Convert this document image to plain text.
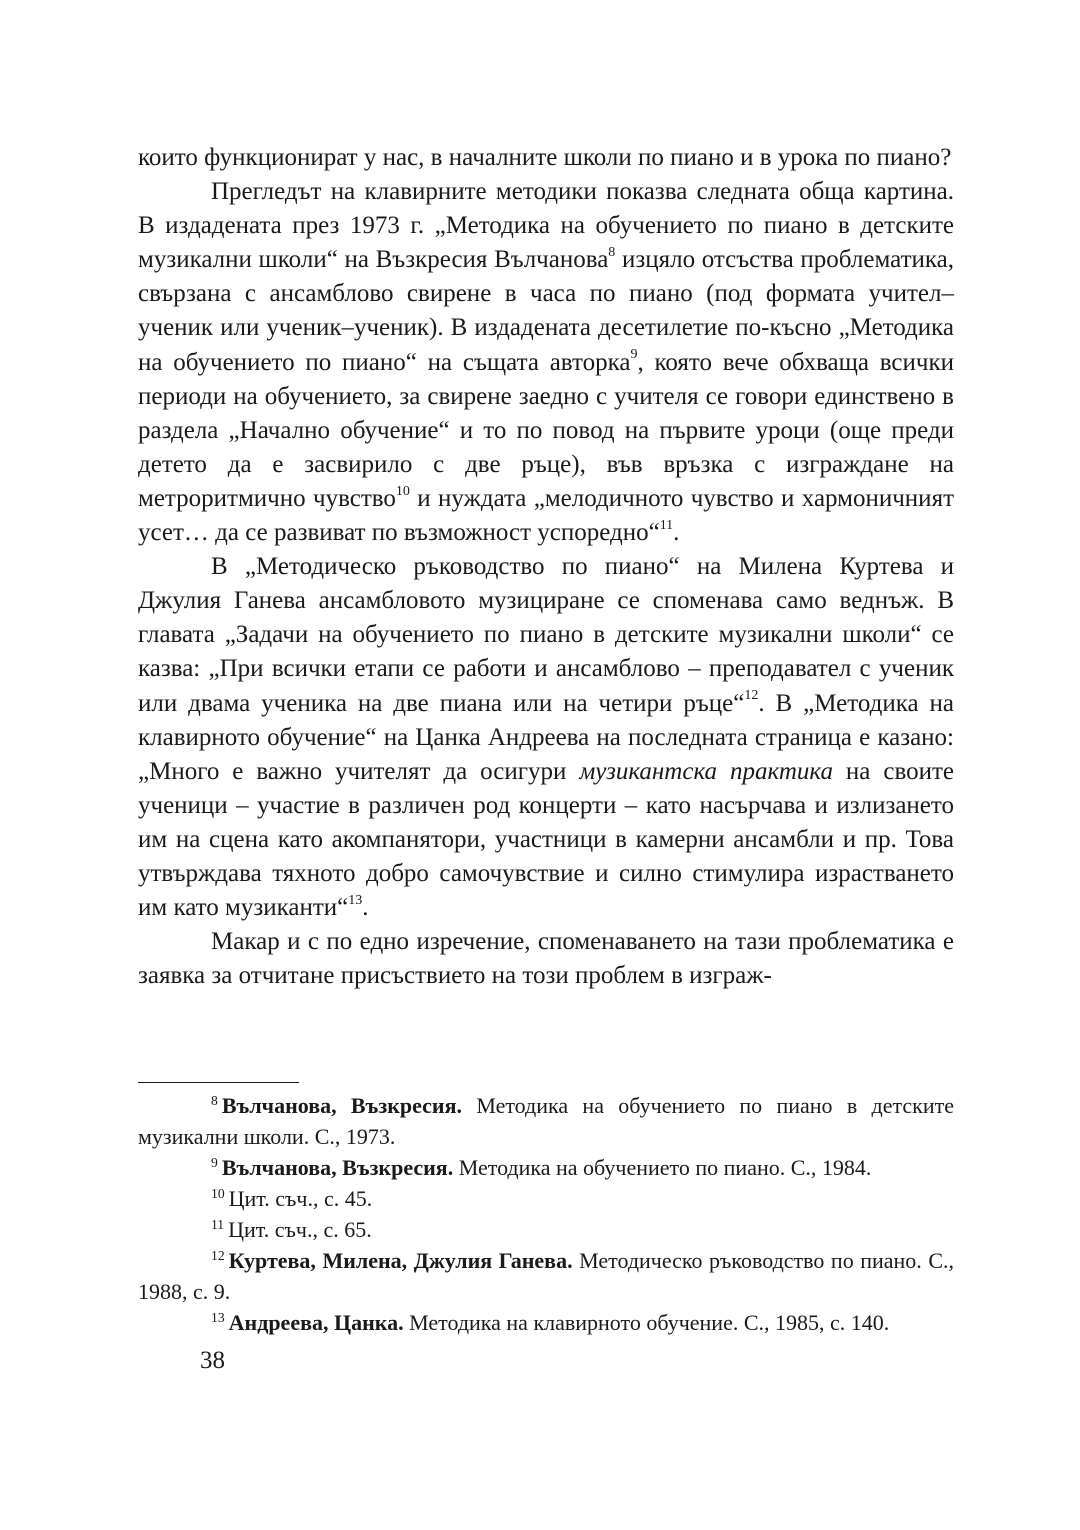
които функционират у нас, в началните школи по пиано и в урока по пиано?

Прегледът на клавирните методики показва следната обща картина. В издадената през 1973 г. „Методика на обучението по пиано в детските музикални школи“ на Възкресия Вълчанова$^8$ изцяло отсъства проблематика, свързана с ансамблово свирене в часа по пиано (под формата учител–ученик или ученик–ученик). В издадената десетилетие по-късно „Методика на обучението по пиано“ на същата авторка$^9$, която вече обхваща всички периоди на обучението, за свирене заедно с учителя се говори единствено в раздела „Начално обучение“ и то по повод на първите уроци (още преди детето да е засвирило с две ръце), във връзка с изграждане на метроритмично чувство$^{10}$ и нуждата „мелодичното чувство и хармоничният усет… да се развиват по възможност успоредно“$^{11}$.

В „Методическо ръководство по пиано“ на Милена Куртева и Джулия Ганева ансамбловото музициране се споменава само веднъж. В главата „Задачи на обучението по пиано в детските музикални школи“ се казва: „При всички етапи се работи и ансамблово – преподавател с ученик или двама ученика на две пиана или на четири ръце“$^{12}$. В „Методика на клавирното обучение“ на Цанка Андреева на последната страница е казано: „Много е важно учителят да осигури музикантска практика на своите ученици – участие в различен род концерти – като насърчава и излизането им на сцена като акомпанятори, участници в камерни ансамбли и пр. Това утвърждава тяхното добро самочувствие и силно стимулира израстването им като музиканти“$^{13}$.

Макар и с по едно изречение, споменаването на тази проблематика е заявка за отчитане присъствието на този проблем в изграж-

$^8$ Вълчанова, Възкресия. Методика на обучението по пиано в детските музикални школи. С., 1973.

$^9$ Вълчанова, Възкресия. Методика на обучението по пиано. С., 1984.

$^{10}$ Цит. съч., с. 45.

$^{11}$ Цит. съч., с. 65.

$^{12}$ Куртева, Милена, Джулия Ганева. Методическо ръководство по пиано. С., 1988, с. 9.

$^{13}$ Андреева, Цанка. Методика на клавирното обучение. С., 1985, с. 140.

38
